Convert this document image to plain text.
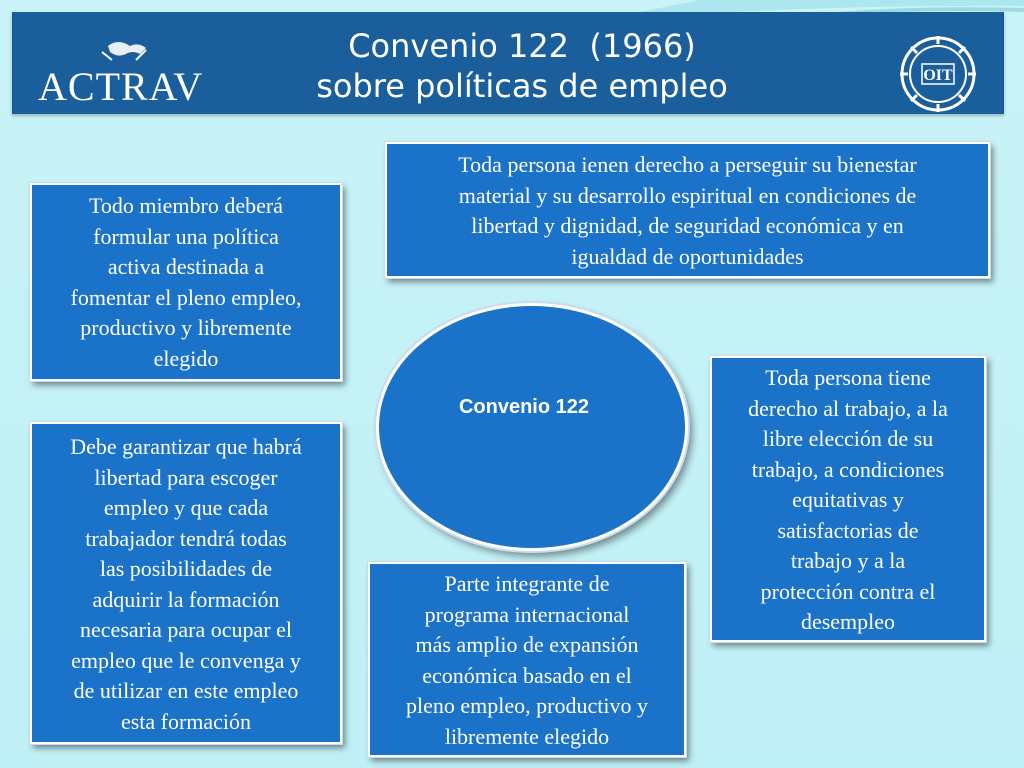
ACTRAV
Convenio 122  (1966)
sobre políticas de empleo	OIT
Toda persona ienen derecho a perseguir su bienestar
material y su desarrollo espiritual en condiciones de
libertad y dignidad, de seguridad económica y en
igualdad de oportunidades
Todo miembro deberá
formular una política
activa destinada a
fomentar el pleno empleo,
productivo y libremente
elegido
Convenio 122
Toda persona tiene
derecho al trabajo, a la
libre elección de su
trabajo, a condiciones
equitativas y
satisfactorias de
trabajo y a la
protección contra el
desempleo
Debe garantizar que habrá
libertad para escoger
empleo y que cada
trabajador tendrá todas
las posibilidades de
adquirir la formación
necesaria para ocupar el
empleo que le convenga y
de utilizar en este empleo
esta formación
Parte integrante de
programa internacional
más amplio de expansión
económica basado en el
pleno empleo, productivo y
libremente elegido
